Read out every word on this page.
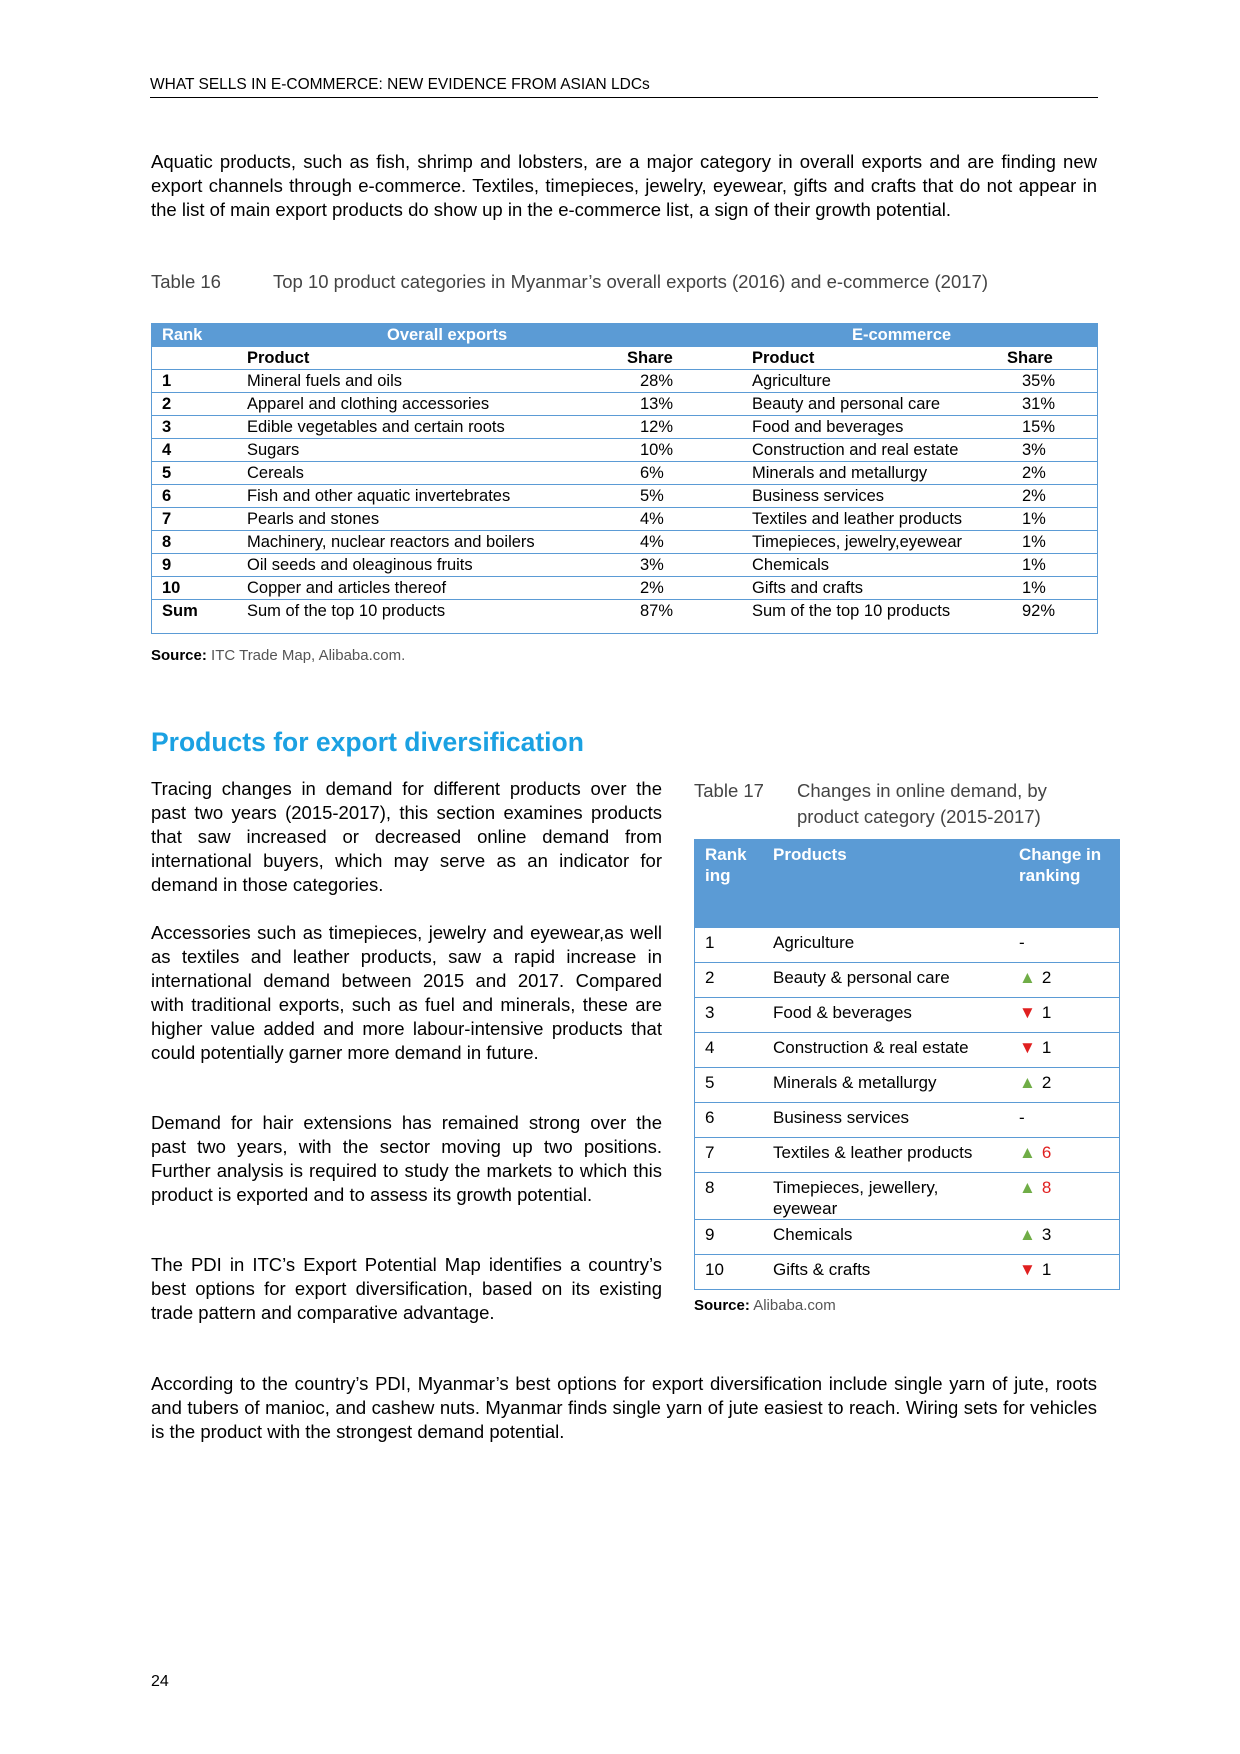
WHAT SELLS IN E-COMMERCE: NEW EVIDENCE FROM ASIAN LDCs

Aquatic products, such as fish, shrimp and lobsters, are a major category in overall exports and are finding new export channels through e-commerce. Textiles, timepieces, jewelry, eyewear, gifts and crafts that do not appear in the list of main export products do show up in the e-commerce list, a sign of their growth potential.

Table 16	Top 10 product categories in Myanmar’s overall exports (2016) and e-commerce (2017)
Rank	Overall exports		E-commerce	
	Product	Share	Product	Share
1	Mineral fuels and oils	28%	Agriculture	35%
2	Apparel and clothing accessories	13%	Beauty and personal care	31%
3	Edible vegetables and certain roots	12%	Food and beverages	15%
4	Sugars	10%	Construction and real estate	3%
5	Cereals	6%	Minerals and metallurgy	2%
6	Fish and other aquatic invertebrates	5%	Business services	2%
7	Pearls and stones	4%	Textiles and leather products	1%
8	Machinery, nuclear reactors and boilers	4%	Timepieces, jewelry,eyewear	1%
9	Oil seeds and oleaginous fruits	3%	Chemicals	1%
10	Copper and articles thereof	2%	Gifts and crafts	1%
Sum	Sum of the top 10 products	87%	Sum of the top 10 products	92%
Source: ITC Trade Map, Alibaba.com.
Products for export diversification

Tracing changes in demand for different products over the past two years (2015-2017), this section examines products that saw increased or decreased online demand from international buyers, which may serve as an indicator for demand in those categories.

Accessories such as timepieces, jewelry and eyewear,as well as textiles and leather products, saw a rapid increase in international demand between 2015 and 2017. Compared with traditional exports, such as fuel and minerals, these are higher value added and more labour-intensive products that could potentially garner more demand in future.

Demand for hair extensions has remained strong over the past two years, with the sector moving up two positions. Further analysis is required to study the markets to which this product is exported and to assess its growth potential.

The PDI in ITC’s Export Potential Map identifies a country’s best options for export diversification, based on its existing trade pattern and comparative advantage.

According to the country’s PDI, Myanmar’s best options for export diversification include single yarn of jute, roots and tubers of manioc, and cashew nuts. Myanmar finds single yarn of jute easiest to reach. Wiring sets for vehicles is the product with the strongest demand potential.

Table 17 Changes in online demand, by
product category (2015-2017)
Rank ing	Products	Change in ranking
1	Agriculture	-
2	Beauty & personal care	▲ 2
3	Food & beverages	▼ 1
4	Construction & real estate	▼ 1
5	Minerals & metallurgy	▲ 2
6	Business services	-
7	Textiles & leather products	▲ 6
8	Timepieces, jewellery, eyewear	▲ 8
9	Chemicals	▲ 3
10	Gifts & crafts	▼ 1
Source: Alibaba.com
24
